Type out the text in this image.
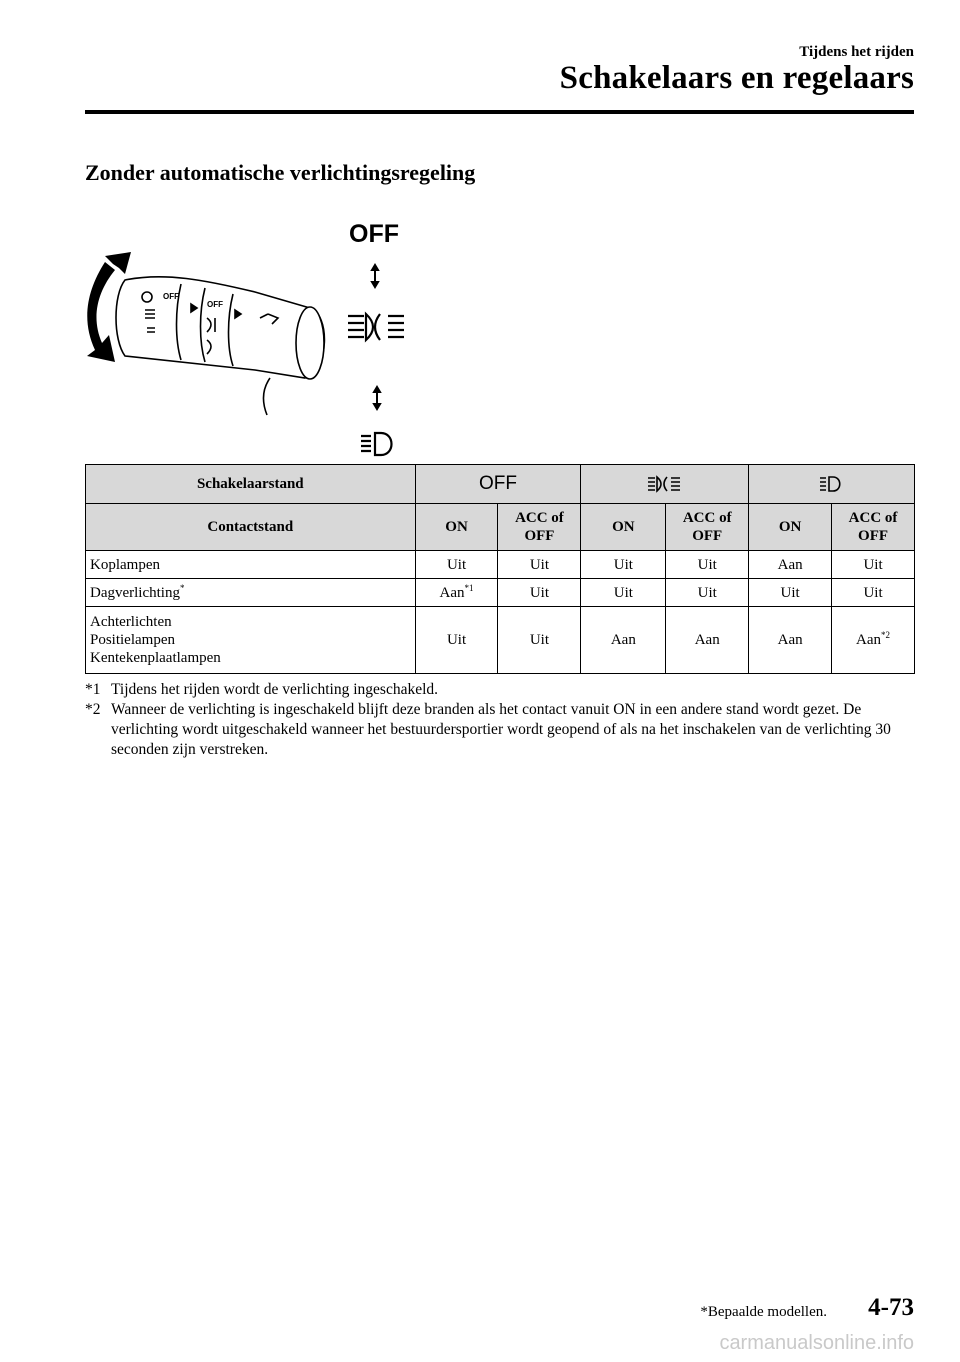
Tijdens het rijden
Schakelaars en regelaars
Zonder automatische verlichtingsregeling
OFF
OFF
OFF
Schakelaarstand	OFF		
Contactstand	ON	ACC of OFF	ON	ACC of OFF	ON	ACC of OFF
Koplampen	Uit	Uit	Uit	Uit	Aan	Uit
Dagverlichting*	Aan$^{*1}$	Uit	Uit	Uit	Uit	Uit

Achterlichten
Positielampen
Kentekenplaatlampen	Uit	Uit	Aan	Aan	Aan	Aan$^{*2}$
*1 Tijdens het rijden wordt de verlichting ingeschakeld.
*2 Wanneer de verlichting is ingeschakeld blijft deze branden als het contact vanuit ON in een andere stand wordt gezet. De verlichting wordt uitgeschakeld wanneer het bestuurdersportier wordt geopend of als na het inschakelen van de verlichting 30 seconden zijn verstreken.
*Bepaalde modellen. 4-73
carmanualsonline.info
